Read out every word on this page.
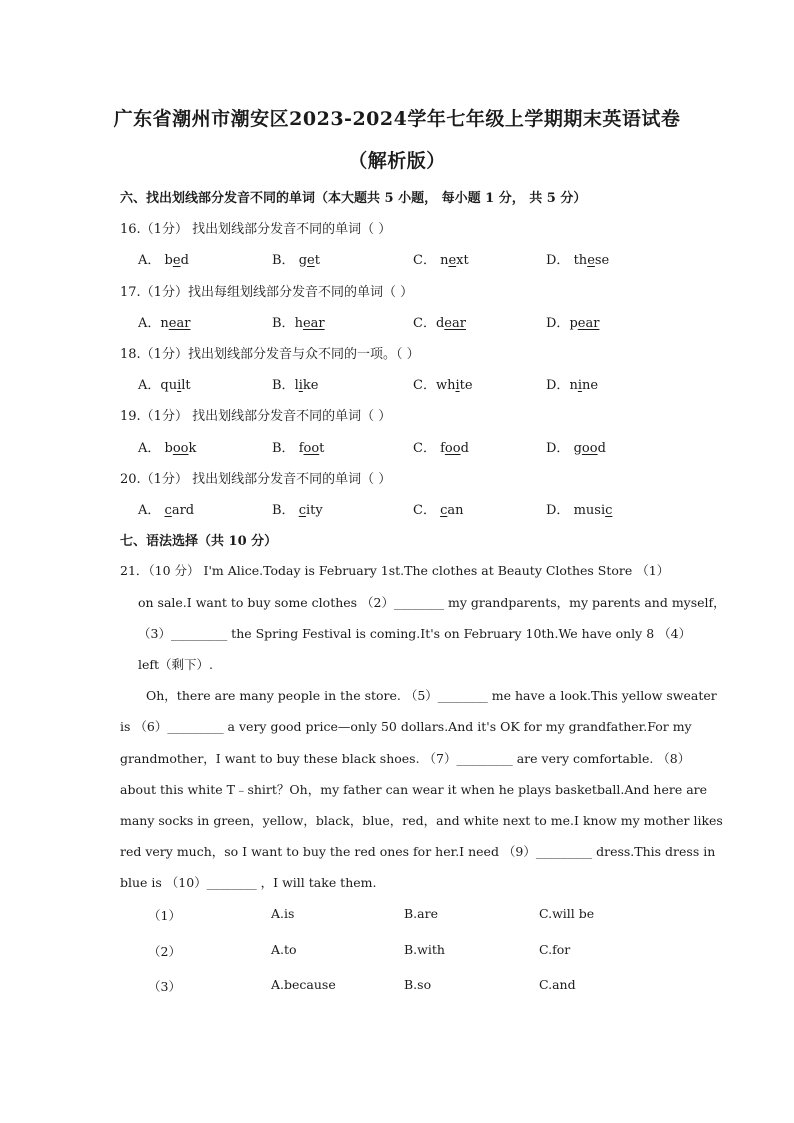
广东省潮州市潮安区2023-2024学年七年级上学期期末英语试卷
（解析版）
六、找出划线部分发音不同的单词（本大题共 5 小题， 每小题 1 分， 共 5 分）
16.（1分） 找出划线部分发音不同的单词（ ）
A． bed	B． get	C． next	D． these
17.（1分）找出每组划线部分发音不同的单词（ ）
A．near	B．hear	C．dear	D．pear
18.（1分）找出划线部分发音与众不同的一项。（ ）
A．quilt	B．like	C．white	D．nine
19.（1分） 找出划线部分发音不同的单词（ ）
A． book	B． foot	C． food	D． good
20.（1分） 找出划线部分发音不同的单词（ ）
A． card	B． city	C． can	D． music
七、语法选择（共 10 分）
21．（10 分） I'm Alice.Today is February 1st.The clothes at Beauty Clothes Store （1）
on sale.I want to buy some clothes （2）________ my grandparents，my parents and myself，
（3）_________ the Spring Festival is coming.It's on February 10th.We have only 8 （4）
left（剩下）.
Oh，there are many people in the store. （5）________ me have a look.This yellow sweater
is （6）_________ a very good price—only 50 dollars.And it's OK for my grandfather.For my
grandmother，I want to buy these black shoes. （7）_________ are very comfortable. （8）
about this white T﹣shirt？Oh，my father can wear it when he plays basketball.And here are
many socks in green，yellow，black，blue，red，and white next to me.I know my mother likes
red very much，so I want to buy the red ones for her.I need （9）_________ dress.This dress in
blue is （10）________ ，I will take them.
（1）	A.is	B.are	C.will be
（2）	A.to	B.with	C.for
（3）	A.because	B.so	C.and
